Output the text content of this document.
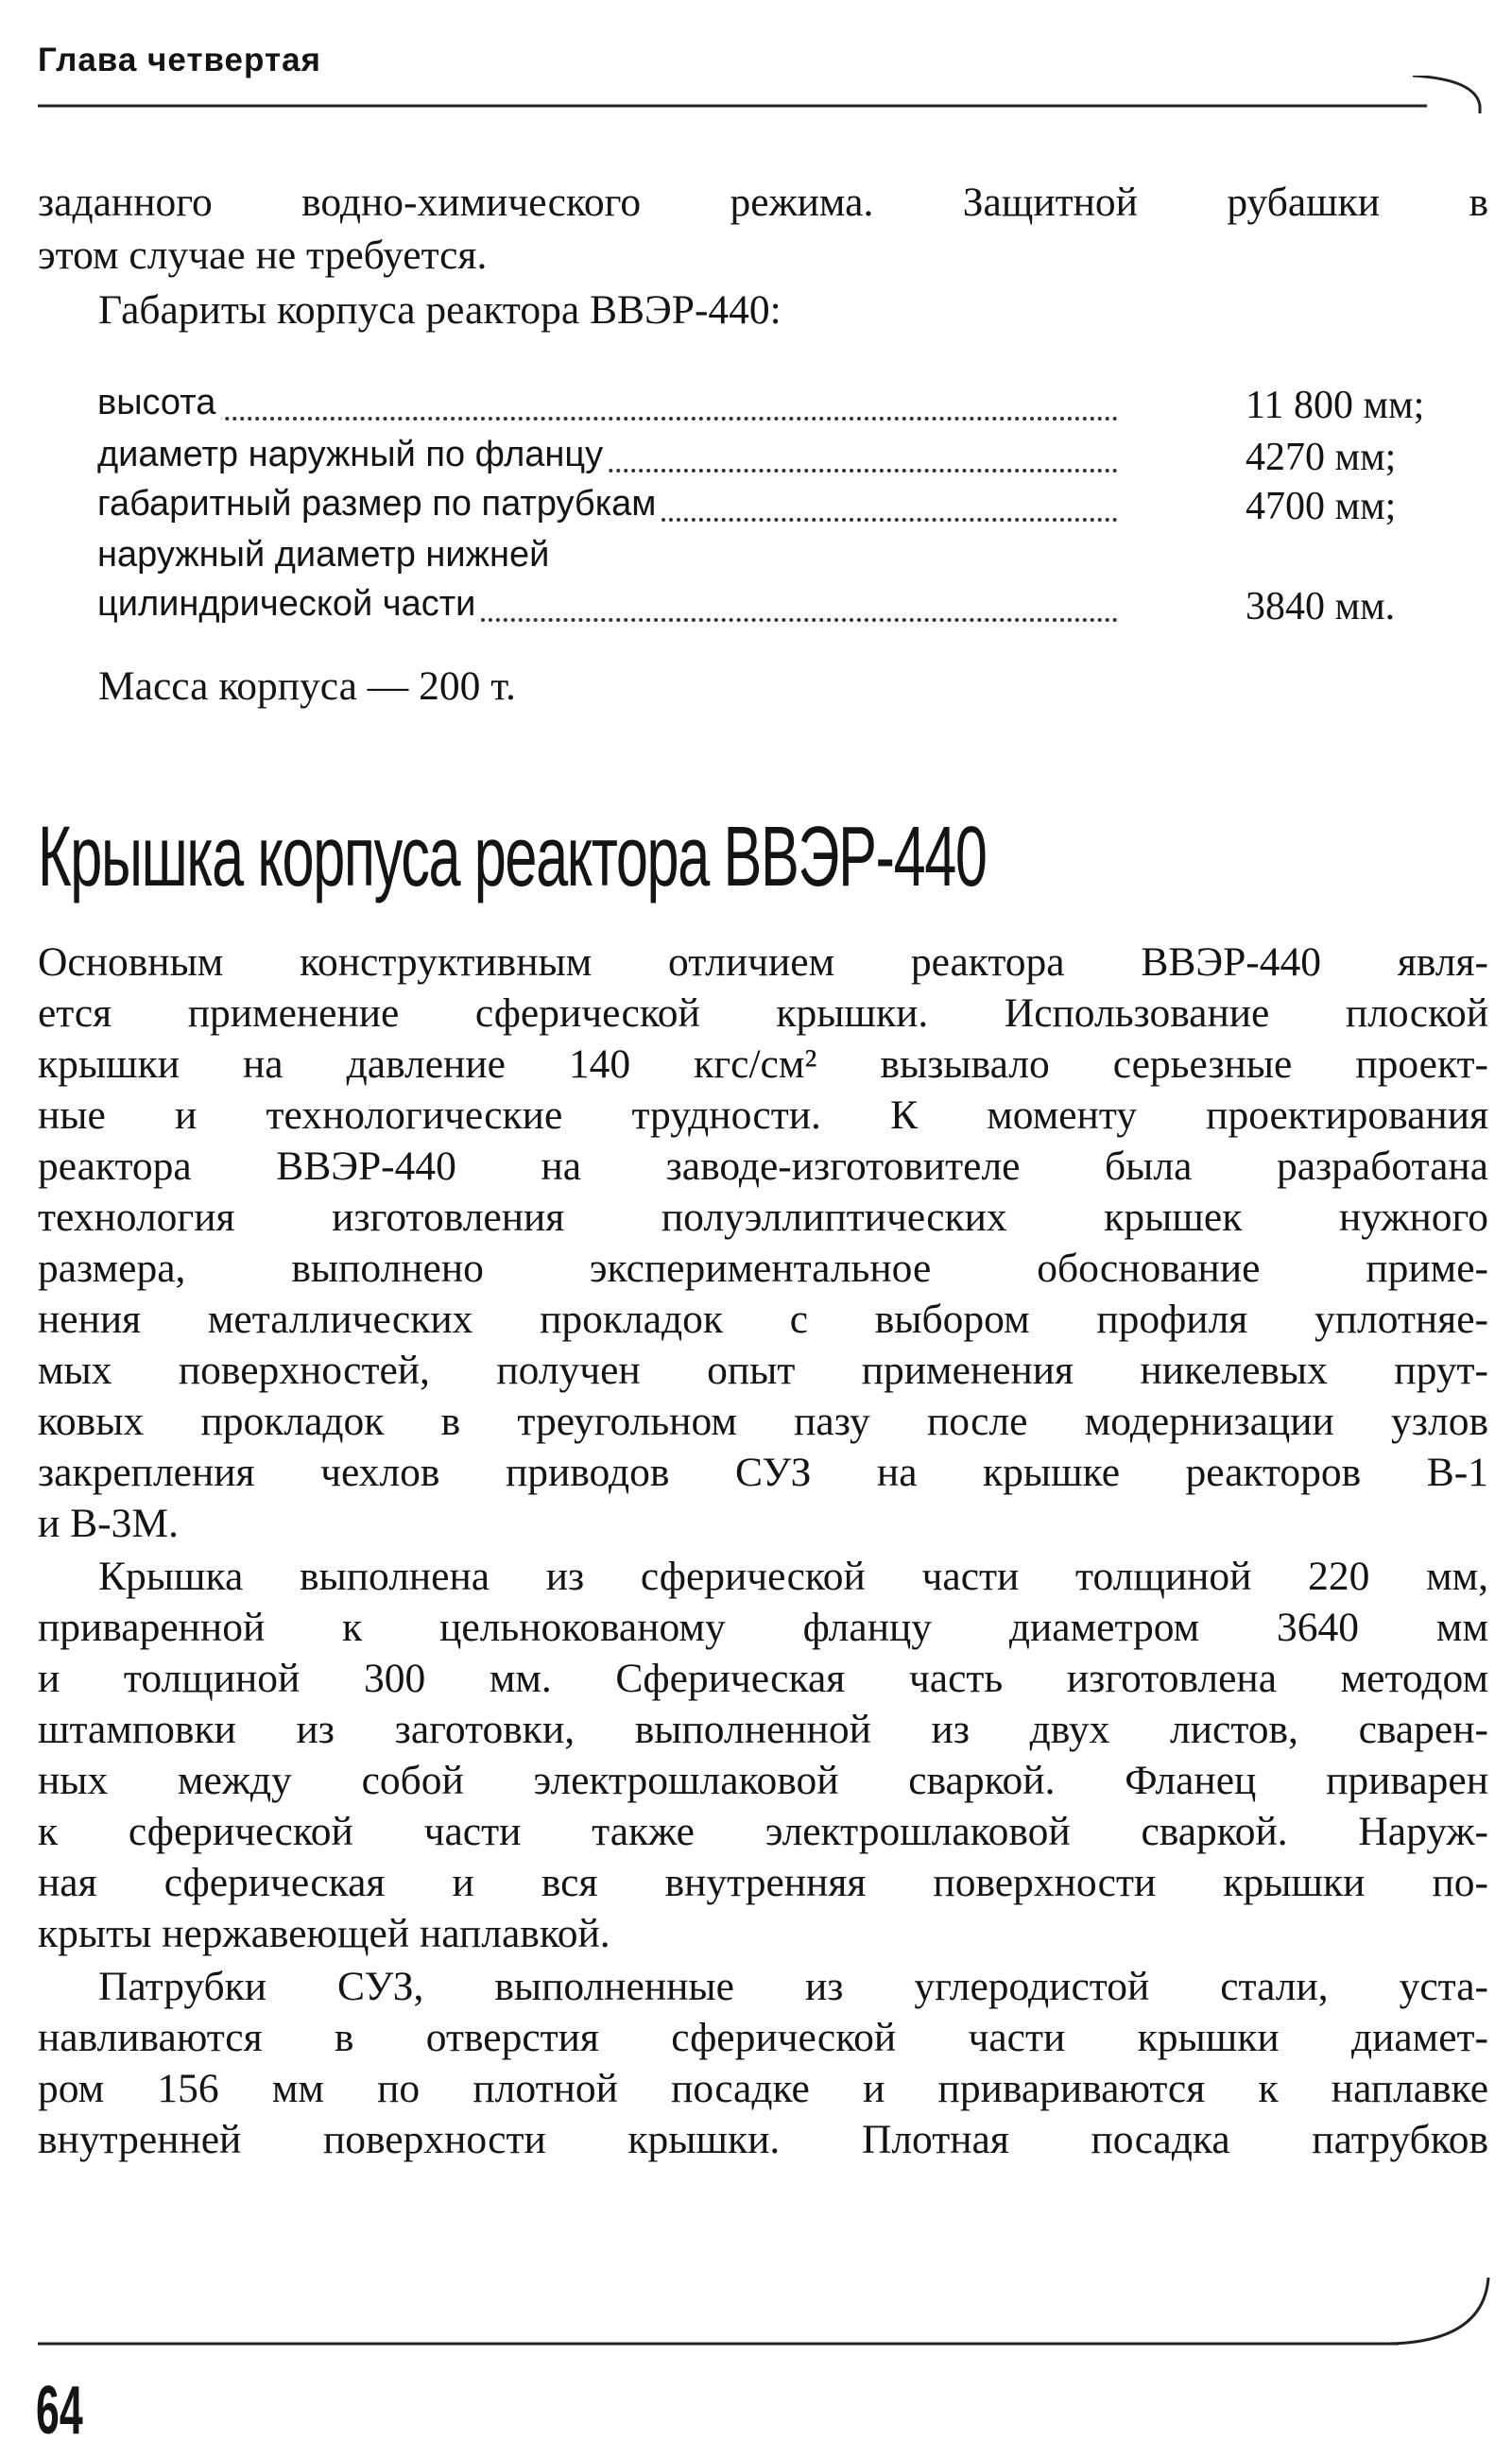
Глава четвертая
заданного водно-химического режима. Защитной рубашки в
этом случае не требуется.
Габариты корпуса реактора ВВЭР-440:
высота	11 800 мм;
диаметр наружный по фланцу	4270 мм;
габаритный размер по патрубкам	4700 мм;
наружный диаметр нижней
цилиндрической части	3840 мм.
Масса корпуса — 200 т.
Крышка корпуса реактора ВВЭР-440
Основным конструктивным отличием реактора ВВЭР-440 явля-
ется применение сферической крышки. Использование плоской
крышки на давление 140 кгс/см² вызывало серьезные проект-
ные и технологические трудности. К моменту проектирования
реактора ВВЭР-440 на заводе-изготовителе была разработана
технология изготовления полуэллиптических крышек нужного
размера, выполнено экспериментальное обоснование приме-
нения металлических прокладок с выбором профиля уплотняе-
мых поверхностей, получен опыт применения никелевых прут-
ковых прокладок в треугольном пазу после модернизации узлов
закрепления чехлов приводов СУЗ на крышке реакторов В-1
и В-3М.
Крышка выполнена из сферической части толщиной 220 мм,
приваренной к цельнокованому фланцу диаметром 3640 мм
и толщиной 300 мм. Сферическая часть изготовлена методом
штамповки из заготовки, выполненной из двух листов, сварен-
ных между собой электрошлаковой сваркой. Фланец приварен
к сферической части также электрошлаковой сваркой. Наруж-
ная сферическая и вся внутренняя поверхности крышки по-
крыты нержавеющей наплавкой.
Патрубки СУЗ, выполненные из углеродистой стали, уста-
навливаются в отверстия сферической части крышки диамет-
ром 156 мм по плотной посадке и привариваются к наплавке
внутренней поверхности крышки. Плотная посадка патрубков
64
